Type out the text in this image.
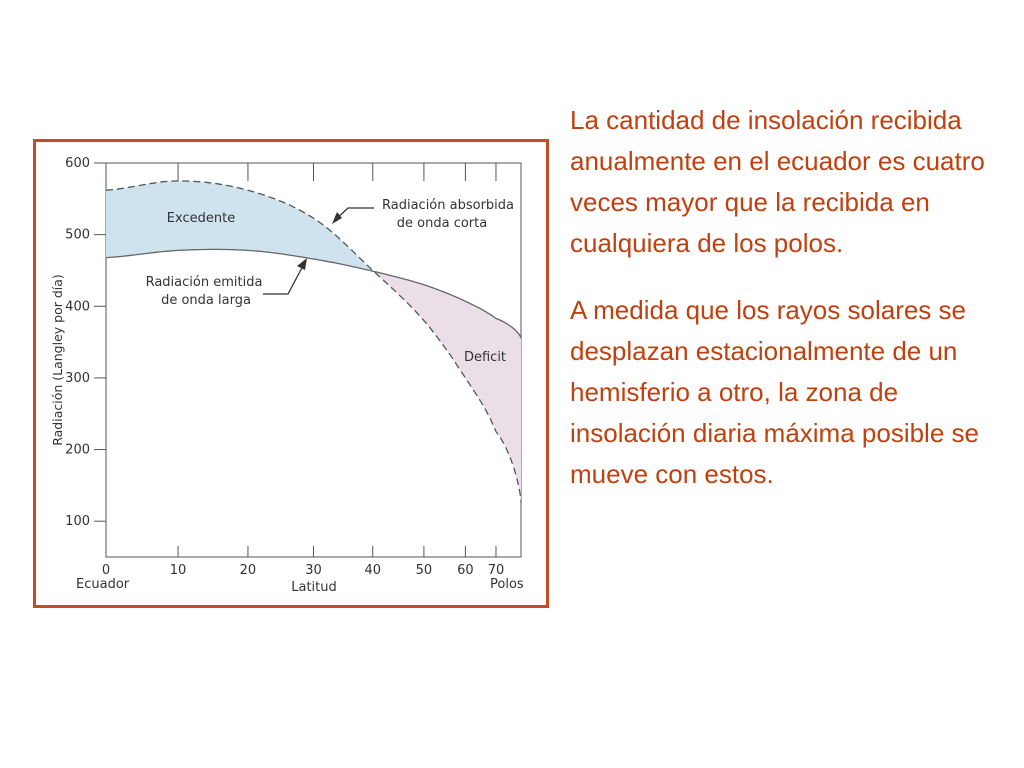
La cantidad de insolación recibida anualmente en el ecuador es cuatro veces mayor que la recibida en cualquiera de los polos.

A medida que los rayos solares se desplazan estacionalmente de un hemisferio a otro, la zona de insolación diaria máxima posible se mueve con estos.

0	10	20	30	40	50 60 70
100
200
300
400
500
600
Radiación (Langley por día)
Latitud
Ecuador	Polos
Excedente
Deficit
Radiación absorbida
de onda corta
Radiación emitida
de onda larga
